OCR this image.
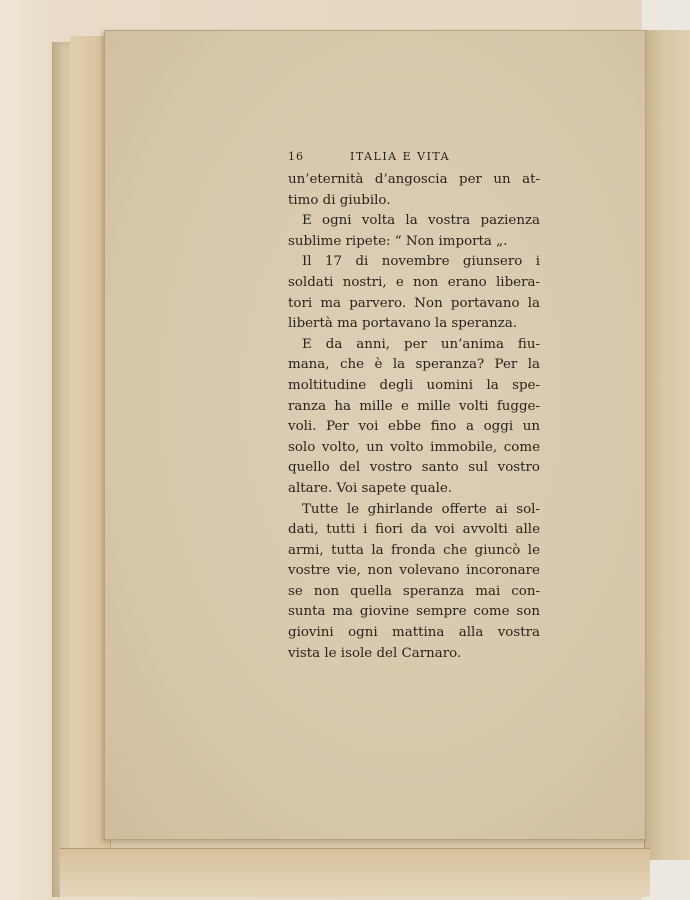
16	ITALIA E VITA
un’eternità d’angoscia per un at-
timo di giubilo.
E ogni volta la vostra pazienza
sublime ripete: “ Non importa „.
Il 17 di novembre giunsero i
soldati nostri, e non erano libera-
tori ma parvero. Non portavano la
libertà ma portavano la speranza.
E da anni, per un’anima fiu-
mana, che è la speranza? Per la
moltitudine degli uomini la spe-
ranza ha mille e mille volti fugge-
voli. Per voi ebbe fino a oggi un
solo volto, un volto immobile, come
quello del vostro santo sul vostro
altare. Voi sapete quale.
Tutte le ghirlande offerte ai sol-
dati, tutti i fiori da voi avvolti alle
armi, tutta la fronda che giuncò le
vostre vie, non volevano incoronare
se non quella speranza mai con-
sunta ma giovine sempre come son
giovini ogni mattina alla vostra
vista le isole del Carnaro.
